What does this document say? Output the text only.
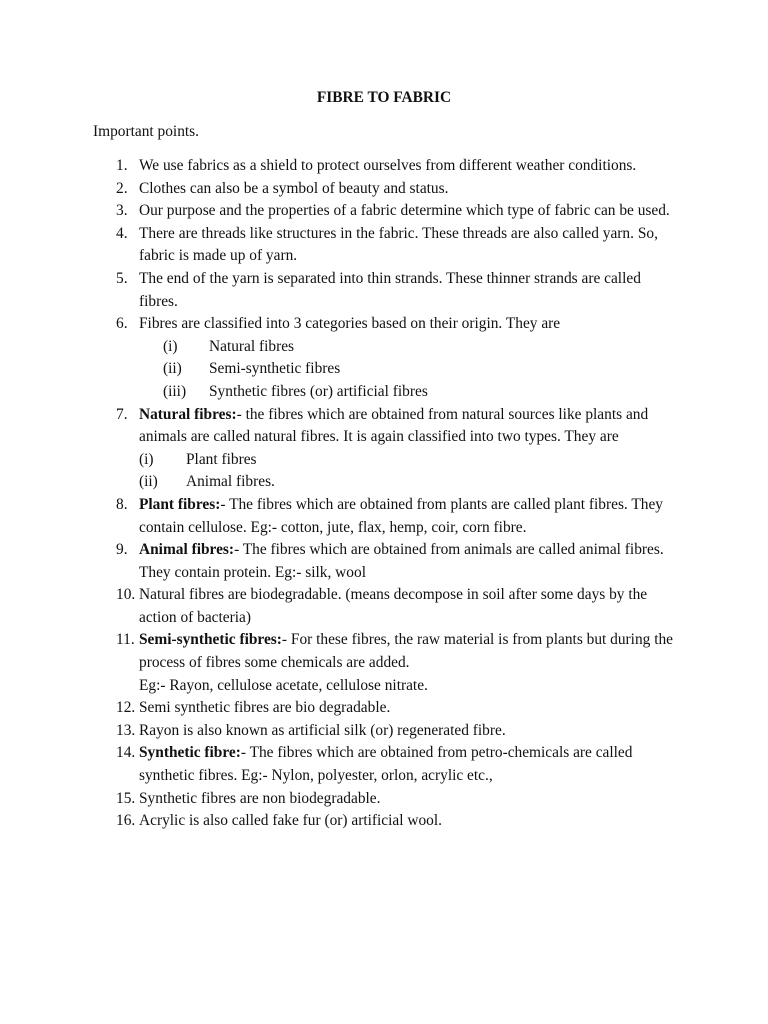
FIBRE TO FABRIC
Important points.
1. We use fabrics as a shield to protect ourselves from different weather conditions.
2. Clothes can also be a symbol of beauty and status.
3. Our purpose and the properties of a fabric determine which type of fabric can be used.
4. There are threads like structures in the fabric. These threads are also called yarn. So, fabric is made up of yarn.
5. The end of the yarn is separated into thin strands. These thinner strands are called fibres.
6. Fibres are classified into 3 categories based on their origin. They are
(i) Natural fibres
(ii) Semi-synthetic fibres
(iii) Synthetic fibres (or) artificial fibres
7. Natural fibres:- the fibres which are obtained from natural sources like plants and animals are called natural fibres. It is again classified into two types. They are
(i) Plant fibres
(ii) Animal fibres.
8. Plant fibres:- The fibres which are obtained from plants are called plant fibres. They contain cellulose. Eg:- cotton, jute, flax, hemp, coir, corn fibre.
9. Animal fibres:- The fibres which are obtained from animals are called animal fibres. They contain protein. Eg:- silk, wool
10. Natural fibres are biodegradable. (means decompose in soil after some days by the action of bacteria)
11. Semi-synthetic fibres:- For these fibres, the raw material is from plants but during the process of fibres some chemicals are added.
Eg:- Rayon, cellulose acetate, cellulose nitrate.
12. Semi synthetic fibres are bio degradable.
13. Rayon is also known as artificial silk (or) regenerated fibre.
14. Synthetic fibre:- The fibres which are obtained from petro-chemicals are called synthetic fibres. Eg:- Nylon, polyester, orlon, acrylic etc.,
15. Synthetic fibres are non biodegradable.
16. Acrylic is also called fake fur (or) artificial wool.
